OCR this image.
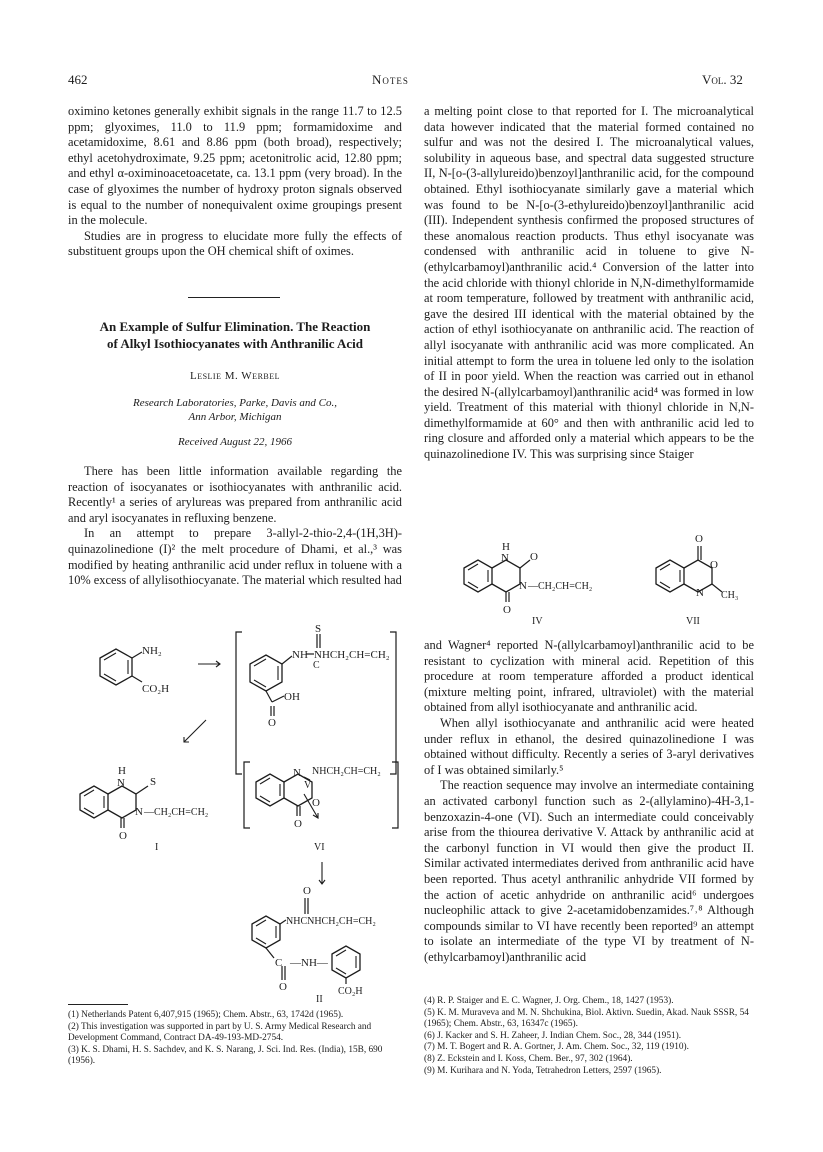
462	Notes	Vol. 32

oximino ketones generally exhibit signals in the range 11.7 to 12.5 ppm; glyoximes, 11.0 to 11.9 ppm; formamidoxime and acetamidoxime, 8.61 and 8.86 ppm (both broad), respectively; ethyl acetohydroximate, 9.25 ppm; acetonitrolic acid, 12.80 ppm; and ethyl α-oximinoacetoacetate, ca. 13.1 ppm (very broad). In the case of glyoximes the number of hydroxy proton signals observed is equal to the number of nonequivalent oxime groupings present in the molecule.

Studies are in progress to elucidate more fully the effects of substituent groups upon the OH chemical shift of oximes.

An Example of Sulfur Elimination. The Reaction
of Alkyl Isothiocyanates with Anthranilic Acid
Leslie M. Werbel
Research Laboratories, Parke, Davis and Co.,
Ann Arbor, Michigan
Received August 22, 1966

There has been little information available regarding the reaction of isocyanates or isothiocyanates with anthranilic acid. Recently¹ a series of arylureas was prepared from anthranilic acid and aryl isocyanates in refluxing benzene.

In an attempt to prepare 3-allyl-2-thio-2,4-(1H,3H)-quinazolinedione (I)² the melt procedure of Dhami, et al.,³ was modified by heating anthranilic acid under reflux in toluene with a 10% excess of allylisothiocyanate. The material which resulted had

a melting point close to that reported for I. The microanalytical data however indicated that the material formed contained no sulfur and was not the desired I. The microanalytical values, solubility in aqueous base, and spectral data suggested structure II, N-[o-(3-allylureido)benzoyl]anthranilic acid, for the compound obtained. Ethyl isothiocyanate similarly gave a material which was found to be N-[o-(3-ethylureido)benzoyl]anthranilic acid (III). Independent synthesis confirmed the proposed structures of these anomalous reaction products. Thus ethyl isocyanate was condensed with anthranilic acid in toluene to give N-(ethylcarbamoyl)anthranilic acid.⁴ Conversion of the latter into the acid chloride with thionyl chloride in N,N-dimethylformamide at room temperature, followed by treatment with anthranilic acid, gave the desired III identical with the material obtained by the action of ethyl isothiocyanate on anthranilic acid. The reaction of allyl isocyanate with anthranilic acid was more complicated. An initial attempt to form the urea in toluene led only to the isolation of II in poor yield. When the reaction was carried out in ethanol the desired N-(allylcarbamoyl)anthranilic acid⁴ was formed in low yield. Treatment of this material with thionyl chloride in N,N-dimethylformamide at 60° and then with anthranilic acid led to ring closure and afforded only a material which appears to be the quinazolinedione IV. This was surprising since Staiger

H
N O
N —CH₂CH=CH₂
O
IV
O
O
N CH₃
VII

and Wagner⁴ reported N-(allylcarbamoyl)anthranilic acid to be resistant to cyclization with mineral acid. Repetition of this procedure at room temperature afforded a product identical (mixture melting point, infrared, ultraviolet) with the material obtained from allyl isothiocyanate and anthranilic acid.

When allyl isothiocyanate and anthranilic acid were heated under reflux in ethanol, the desired quinazolinedione I was obtained without difficulty. Recently a series of 3-aryl derivatives of I was obtained similarly.⁵

The reaction sequence may involve an intermediate containing an activated carbonyl function such as 2-(allylamino)-4H-3,1-benzoxazin-4-one (VI). Such an intermediate could conceivably arise from the thiourea derivative V. Attack by anthranilic acid at the carbonyl function in VI would then give the product II. Similar activated intermediates derived from anthranilic acid have been reported. Thus acetyl anthranilic anhydride VII formed by the action of acetic anhydride on anthranilic acid⁶ undergoes nucleophilic attack to give 2-acetamidobenzamides.⁷˒⁸ Although compounds similar to VI have recently been reported⁹ an attempt to isolate an intermediate of the type VI by treatment of N-(ethylcarbamoyl)anthranilic acid

NH₂
CO₂H
S
NH NHCH₂CH=CH₂
C
OH
O
V
H
N S
N —CH₂CH=CH₂
O
I
N NHCH₂CH=CH₂
O
O
VI
O
NHCNHCH₂CH=CH₂
C —NH—
O	CO₂H
II

(1) Netherlands Patent 6,407,915 (1965); Chem. Abstr., 63, 1742d (1965).

(2) This investigation was supported in part by U. S. Army Medical Research and Development Command, Contract DA-49-193-MD-2754.

(3) K. S. Dhami, H. S. Sachdev, and K. S. Narang, J. Sci. Ind. Res. (India), 15B, 690 (1956).

(4) R. P. Staiger and E. C. Wagner, J. Org. Chem., 18, 1427 (1953).

(5) K. M. Muraveva and M. N. Shchukina, Biol. Aktivn. Suedin, Akad. Nauk SSSR, 54 (1965); Chem. Abstr., 63, 16347c (1965).

(6) J. Kacker and S. H. Zaheer, J. Indian Chem. Soc., 28, 344 (1951).

(7) M. T. Bogert and R. A. Gortner, J. Am. Chem. Soc., 32, 119 (1910).

(8) Z. Eckstein and I. Koss, Chem. Ber., 97, 302 (1964).

(9) M. Kurihara and N. Yoda, Tetrahedron Letters, 2597 (1965).
